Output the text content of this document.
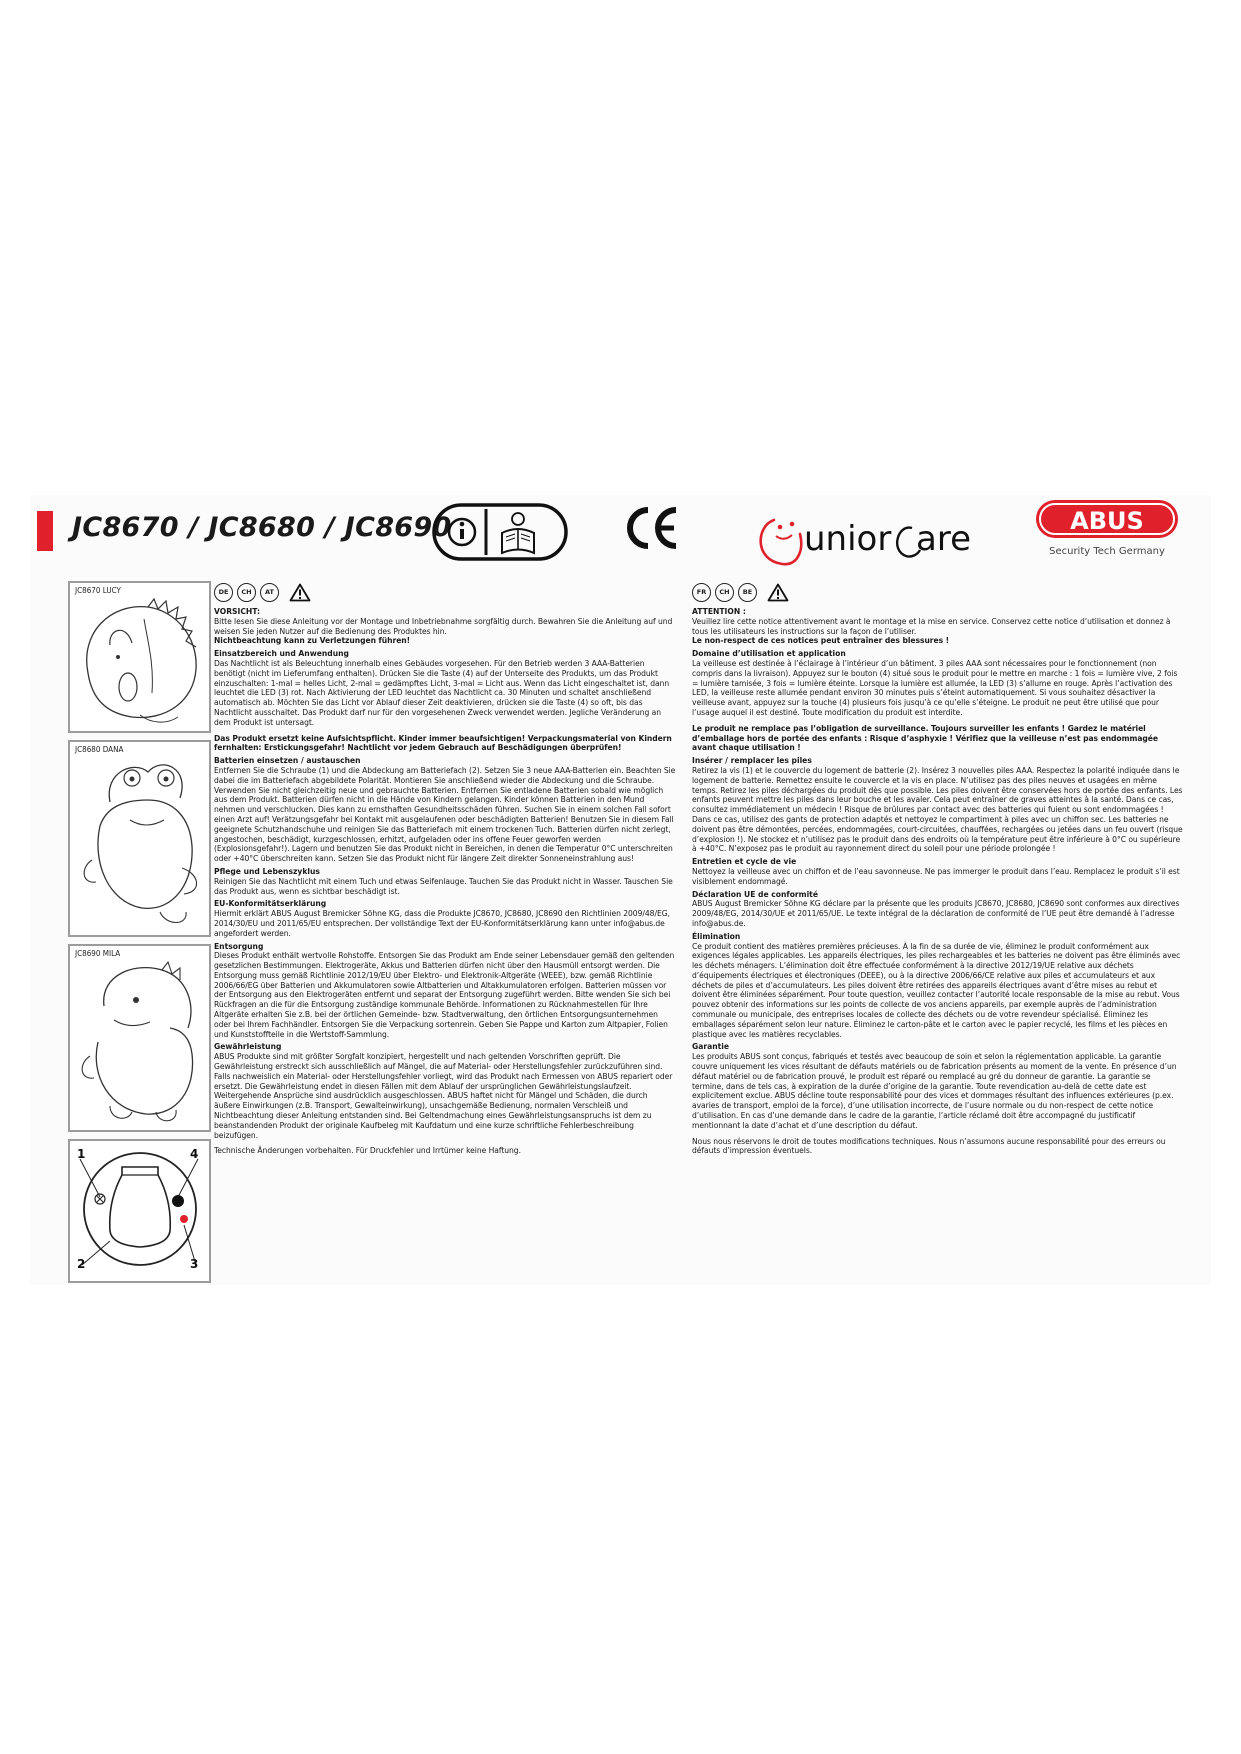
JC8670 / JC8680 / JC8690	unior are	ABUS
Security Tech Germany
JC8670 LUCY
JC8680 DANA
JC8690 MILA
1	4
2	3
DE	CH	AT
VORSICHT:

Bitte lesen Sie diese Anleitung vor der Montage und Inbetriebnahme sorgfältig durch. Bewahren Sie die Anleitung auf und weisen Sie jeden Nutzer auf die Bedienung des Produktes hin.

Nichtbeachtung kann zu Verletzungen führen!

Einsatzbereich und Anwendung

Das Nachtlicht ist als Beleuchtung innerhalb eines Gebäudes vorgesehen. Für den Betrieb werden 3 AAA-Batterien benötigt (nicht im Lieferumfang enthalten). Drücken Sie die Taste (4) auf der Unterseite des Produkts, um das Produkt einzuschalten: 1-mal = helles Licht, 2-mal = gedämpftes Licht, 3-mal = Licht aus. Wenn das Licht eingeschaltet ist, dann leuchtet die LED (3) rot. Nach Aktivierung der LED leuchtet das Nachtlicht ca. 30 Minuten und schaltet anschließend automatisch ab. Möchten Sie das Licht vor Ablauf dieser Zeit deaktivieren, drücken sie die Taste (4) so oft, bis das Nachtlicht ausschaltet. Das Produkt darf nur für den vorgesehenen Zweck verwendet werden. Jegliche Veränderung an dem Produkt ist untersagt.

Das Produkt ersetzt keine Aufsichtspflicht. Kinder immer beaufsichtigen! Verpackungsmaterial von Kindern fernhalten: Erstickungsgefahr! Nachtlicht vor jedem Gebrauch auf Beschädigungen überprüfen!

Batterien einsetzen / austauschen

Entfernen Sie die Schraube (1) und die Abdeckung am Batteriefach (2). Setzen Sie 3 neue AAA-Batterien ein. Beachten Sie dabei die im Batteriefach abgebildete Polarität. Montieren Sie anschließend wieder die Abdeckung und die Schraube. Verwenden Sie nicht gleichzeitig neue und gebrauchte Batterien. Entfernen Sie entladene Batterien sobald wie möglich aus dem Produkt. Batterien dürfen nicht in die Hände von Kindern gelangen. Kinder können Batterien in den Mund nehmen und verschlucken. Dies kann zu ernsthaften Gesundheitsschäden führen. Suchen Sie in einem solchen Fall sofort einen Arzt auf! Verätzungsgefahr bei Kontakt mit ausgelaufenen oder beschädigten Batterien! Benutzen Sie in diesem Fall geeignete Schutzhandschuhe und reinigen Sie das Batteriefach mit einem trockenen Tuch. Batterien dürfen nicht zerlegt, angestochen, beschädigt, kurzgeschlossen, erhitzt, aufgeladen oder ins offene Feuer geworfen werden (Explosionsgefahr!). Lagern und benutzen Sie das Produkt nicht in Bereichen, in denen die Temperatur 0°C unterschreiten oder +40°C überschreiten kann. Setzen Sie das Produkt nicht für längere Zeit direkter Sonneneinstrahlung aus!

Pflege und Lebenszyklus

Reinigen Sie das Nachtlicht mit einem Tuch und etwas Seifenlauge. Tauchen Sie das Produkt nicht in Wasser. Tauschen Sie das Produkt aus, wenn es sichtbar beschädigt ist.

EU-Konformitätserklärung

Hiermit erklärt ABUS August Bremicker Söhne KG, dass die Produkte JC8670, JC8680, JC8690 den Richtlinien 2009/48/EG, 2014/30/EU und 2011/65/EU entsprechen. Der vollständige Text der EU-Konformitätserklärung kann unter info@abus.de angefordert werden.

Entsorgung

Dieses Produkt enthält wertvolle Rohstoffe. Entsorgen Sie das Produkt am Ende seiner Lebensdauer gemäß den geltenden gesetzlichen Bestimmungen. Elektrogeräte, Akkus und Batterien dürfen nicht über den Hausmüll entsorgt werden. Die Entsorgung muss gemäß Richtlinie 2012/19/EU über Elektro- und Elektronik-Altgeräte (WEEE), bzw. gemäß Richtlinie 2006/66/EG über Batterien und Akkumulatoren sowie Altbatterien und Altakkumulatoren erfolgen. Batterien müssen vor der Entsorgung aus den Elektrogeräten entfernt und separat der Entsorgung zugeführt werden. Bitte wenden Sie sich bei Rückfragen an die für die Entsorgung zuständige kommunale Behörde. Informationen zu Rücknahmestellen für Ihre Altgeräte erhalten Sie z.B. bei der örtlichen Gemeinde- bzw. Stadtverwaltung, den örtlichen Entsorgungsunternehmen oder bei Ihrem Fachhändler. Entsorgen Sie die Verpackung sortenrein. Geben Sie Pappe und Karton zum Altpapier, Folien und Kunststoffteile in die Wertstoff-Sammlung.

Gewährleistung

ABUS Produkte sind mit größter Sorgfalt konzipiert, hergestellt und nach geltenden Vorschriften geprüft. Die Gewährleistung erstreckt sich ausschließlich auf Mängel, die auf Material- oder Herstellungsfehler zurückzuführen sind. Falls nachweislich ein Material- oder Herstellungsfehler vorliegt, wird das Produkt nach Ermessen von ABUS repariert oder ersetzt. Die Gewährleistung endet in diesen Fällen mit dem Ablauf der ursprünglichen Gewährleistungslaufzeit. Weitergehende Ansprüche sind ausdrücklich ausgeschlossen. ABUS haftet nicht für Mängel und Schäden, die durch äußere Einwirkungen (z.B. Transport, Gewalteinwirkung), unsachgemäße Bedienung, normalen Verschleiß und Nichtbeachtung dieser Anleitung entstanden sind. Bei Geltendmachung eines Gewährleistungsanspruchs ist dem zu beanstandenden Produkt der originale Kaufbeleg mit Kaufdatum und eine kurze schriftliche Fehlerbeschreibung beizufügen.

Technische Änderungen vorbehalten. Für Druckfehler und Irrtümer keine Haftung.

FR	CH	BE
ATTENTION :

Veuillez lire cette notice attentivement avant le montage et la mise en service. Conservez cette notice d’utilisation et donnez à tous les utilisateurs les instructions sur la façon de l’utiliser.

Le non-respect de ces notices peut entraîner des blessures !

Domaine d’utilisation et application

La veilleuse est destinée à l’éclairage à l’intérieur d’un bâtiment. 3 piles AAA sont nécessaires pour le fonctionnement (non compris dans la livraison). Appuyez sur le bouton (4) situé sous le produit pour le mettre en marche : 1 fois = lumière vive, 2 fois = lumière tamisée, 3 fois = lumière éteinte. Lorsque la lumière est allumée, la LED (3) s’allume en rouge. Après l’activation des LED, la veilleuse reste allumée pendant environ 30 minutes puis s’éteint automatiquement. Si vous souhaitez désactiver la veilleuse avant, appuyez sur la touche (4) plusieurs fois jusqu’à ce qu’elle s’éteigne. Le produit ne peut être utilisé que pour l’usage auquel il est destiné. Toute modification du produit est interdite.

Le produit ne remplace pas l’obligation de surveillance. Toujours surveiller les enfants ! Gardez le matériel d’emballage hors de portée des enfants : Risque d’asphyxie ! Vérifiez que la veilleuse n’est pas endommagée avant chaque utilisation !

Insérer / remplacer les piles

Retirez la vis (1) et le couvercle du logement de batterie (2). Insérez 3 nouvelles piles AAA. Respectez la polarité indiquée dans le logement de batterie. Remettez ensuite le couvercle et la vis en place. N’utilisez pas des piles neuves et usagées en même temps. Retirez les piles déchargées du produit dès que possible. Les piles doivent être conservées hors de portée des enfants. Les enfants peuvent mettre les piles dans leur bouche et les avaler. Cela peut entraîner de graves atteintes à la santé. Dans ce cas, consultez immédiatement un médecin ! Risque de brûlures par contact avec des batteries qui fuient ou sont endommagées ! Dans ce cas, utilisez des gants de protection adaptés et nettoyez le compartiment à piles avec un chiffon sec. Les batteries ne doivent pas être démontées, percées, endommagées, court-circuitées, chauffées, rechargées ou jetées dans un feu ouvert (risque d’explosion !). Ne stockez et n’utilisez pas le produit dans des endroits où la température peut être inférieure à 0°C ou supérieure à +40°C. N’exposez pas le produit au rayonnement direct du soleil pour une période prolongée !

Entretien et cycle de vie

Nettoyez la veilleuse avec un chiffon et de l’eau savonneuse. Ne pas immerger le produit dans l’eau. Remplacez le produit s’il est visiblement endommagé.

Déclaration UE de conformité

ABUS August Bremicker Söhne KG déclare par la présente que les produits JC8670, JC8680, JC8690 sont conformes aux directives 2009/48/EG, 2014/30/UE et 2011/65/UE. Le texte intégral de la déclaration de conformité de l’UE peut être demandé à l’adresse info@abus.de.

Élimination

Ce produit contient des matières premières précieuses. À la fin de sa durée de vie, éliminez le produit conformément aux exigences légales applicables. Les appareils électriques, les piles rechargeables et les batteries ne doivent pas être éliminés avec les déchets ménagers. L’élimination doit être effectuée conformément à la directive 2012/19/UE relative aux déchets d’équipements électriques et électroniques (DEEE), ou à la directive 2006/66/CE relative aux piles et accumulateurs et aux déchets de piles et d’accumulateurs. Les piles doivent être retirées des appareils électriques avant d’être mises au rebut et doivent être éliminées séparément. Pour toute question, veuillez contacter l’autorité locale responsable de la mise au rebut. Vous pouvez obtenir des informations sur les points de collecte de vos anciens appareils, par exemple auprès de l’administration communale ou municipale, des entreprises locales de collecte des déchets ou de votre revendeur spécialisé. Éliminez les emballages séparément selon leur nature. Éliminez le carton-pâte et le carton avec le papier recyclé, les films et les pièces en plastique avec les matières recyclables.

Garantie

Les produits ABUS sont conçus, fabriqués et testés avec beaucoup de soin et selon la réglementation applicable. La garantie couvre uniquement les vices résultant de défauts matériels ou de fabrication présents au moment de la vente. En présence d’un défaut matériel ou de fabrication prouvé, le produit est réparé ou remplacé au gré du donneur de garantie. La garantie se termine, dans de tels cas, à expiration de la durée d’origine de la garantie. Toute revendication au-delà de cette date est explicitement exclue. ABUS décline toute responsabilité pour des vices et dommages résultant des influences extérieures (p.ex. avaries de transport, emploi de la force), d’une utilisation incorrecte, de l’usure normale ou du non-respect de cette notice d’utilisation. En cas d’une demande dans le cadre de la garantie, l’article réclamé doit être accompagné du justificatif mentionnant la date d’achat et d’une description du défaut.

Nous nous réservons le droit de toutes modifications techniques. Nous n’assumons aucune responsabilité pour des erreurs ou défauts d’impression éventuels.
